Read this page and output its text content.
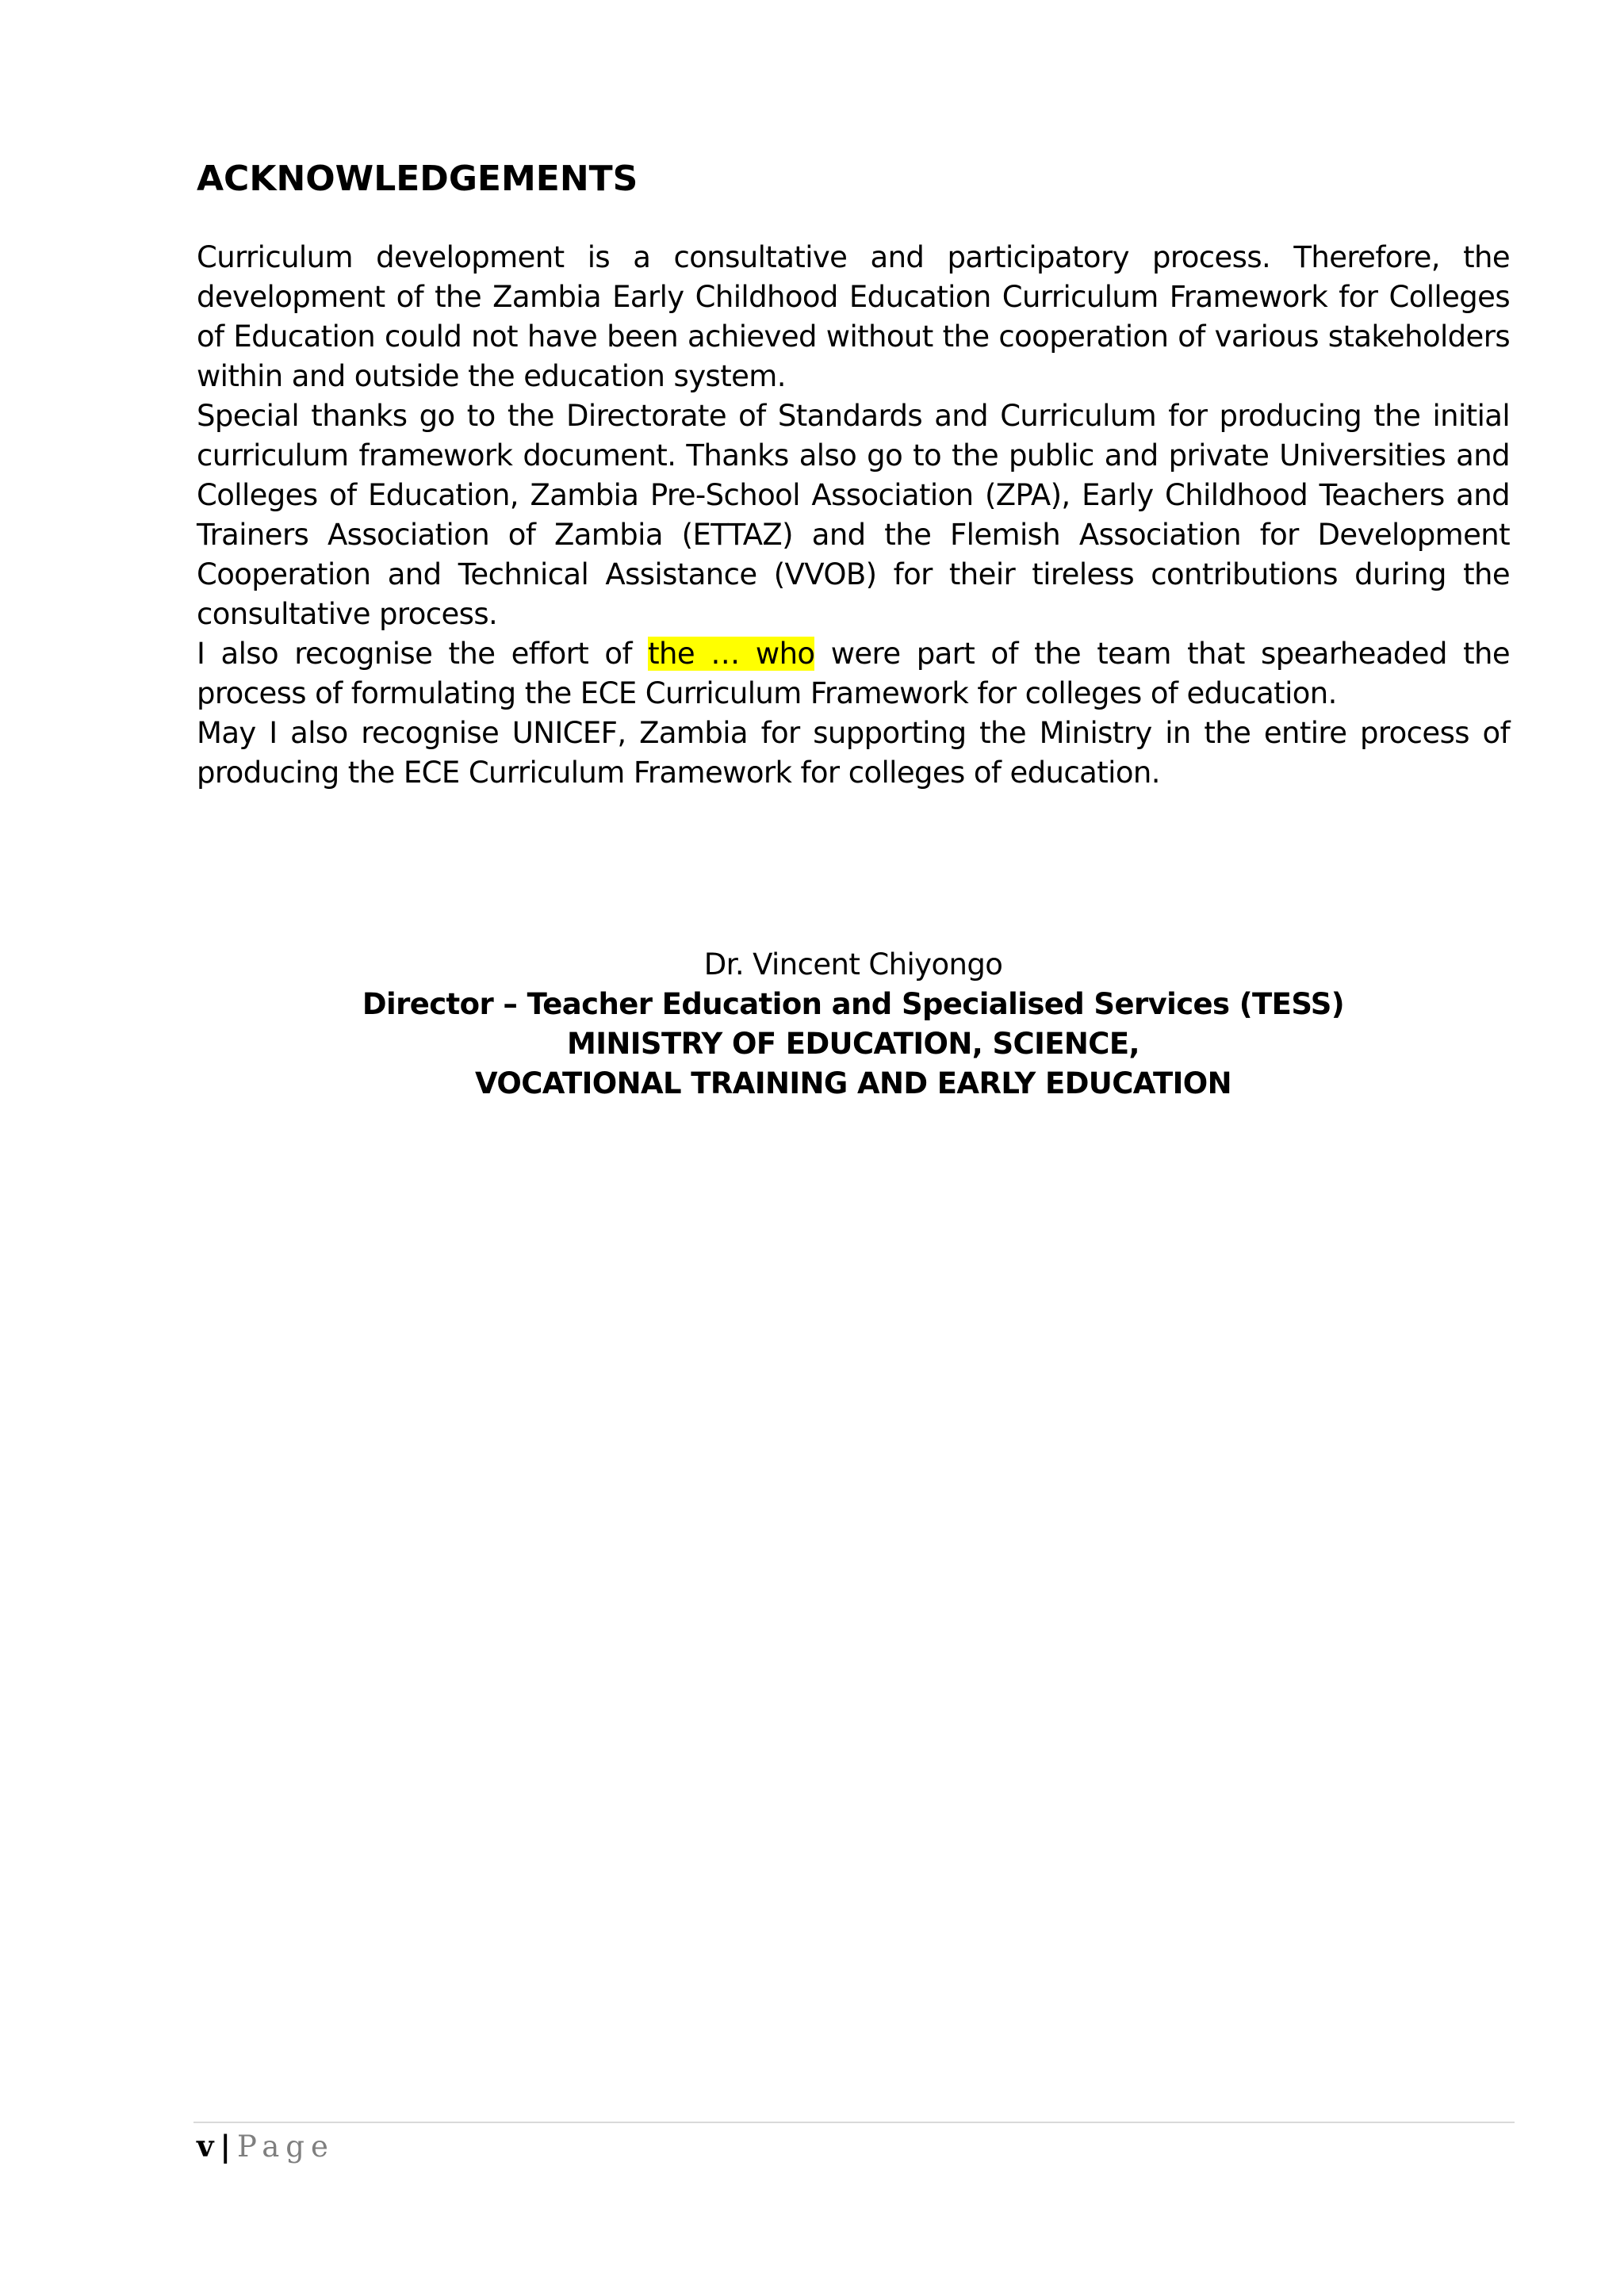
ACKNOWLEDGEMENTS

Curriculum development is a consultative and participatory process. Therefore, the development of the Zambia Early Childhood Education Curriculum Framework for Colleges of Education could not have been achieved without the cooperation of various stakeholders within and outside the education system.

Special thanks go to the Directorate of Standards and Curriculum for producing the initial curriculum framework document. Thanks also go to the public and private Universities and Colleges of Education, Zambia Pre-School Association (ZPA), Early Childhood Teachers and Trainers Association of Zambia (ETTAZ) and the Flemish Association for Development Cooperation and Technical Assistance (VVOB) for their tireless contributions during the consultative process.

I also recognise the effort of the … who were part of the team that spearheaded the process of formulating the ECE Curriculum Framework for colleges of education.

May I also recognise UNICEF, Zambia for supporting the Ministry in the entire process of producing the ECE Curriculum Framework for colleges of education.

Dr. Vincent Chiyongo

Director – Teacher Education and Specialised Services (TESS)

MINISTRY OF EDUCATION, SCIENCE,

VOCATIONAL TRAINING AND EARLY EDUCATION

v | Page
